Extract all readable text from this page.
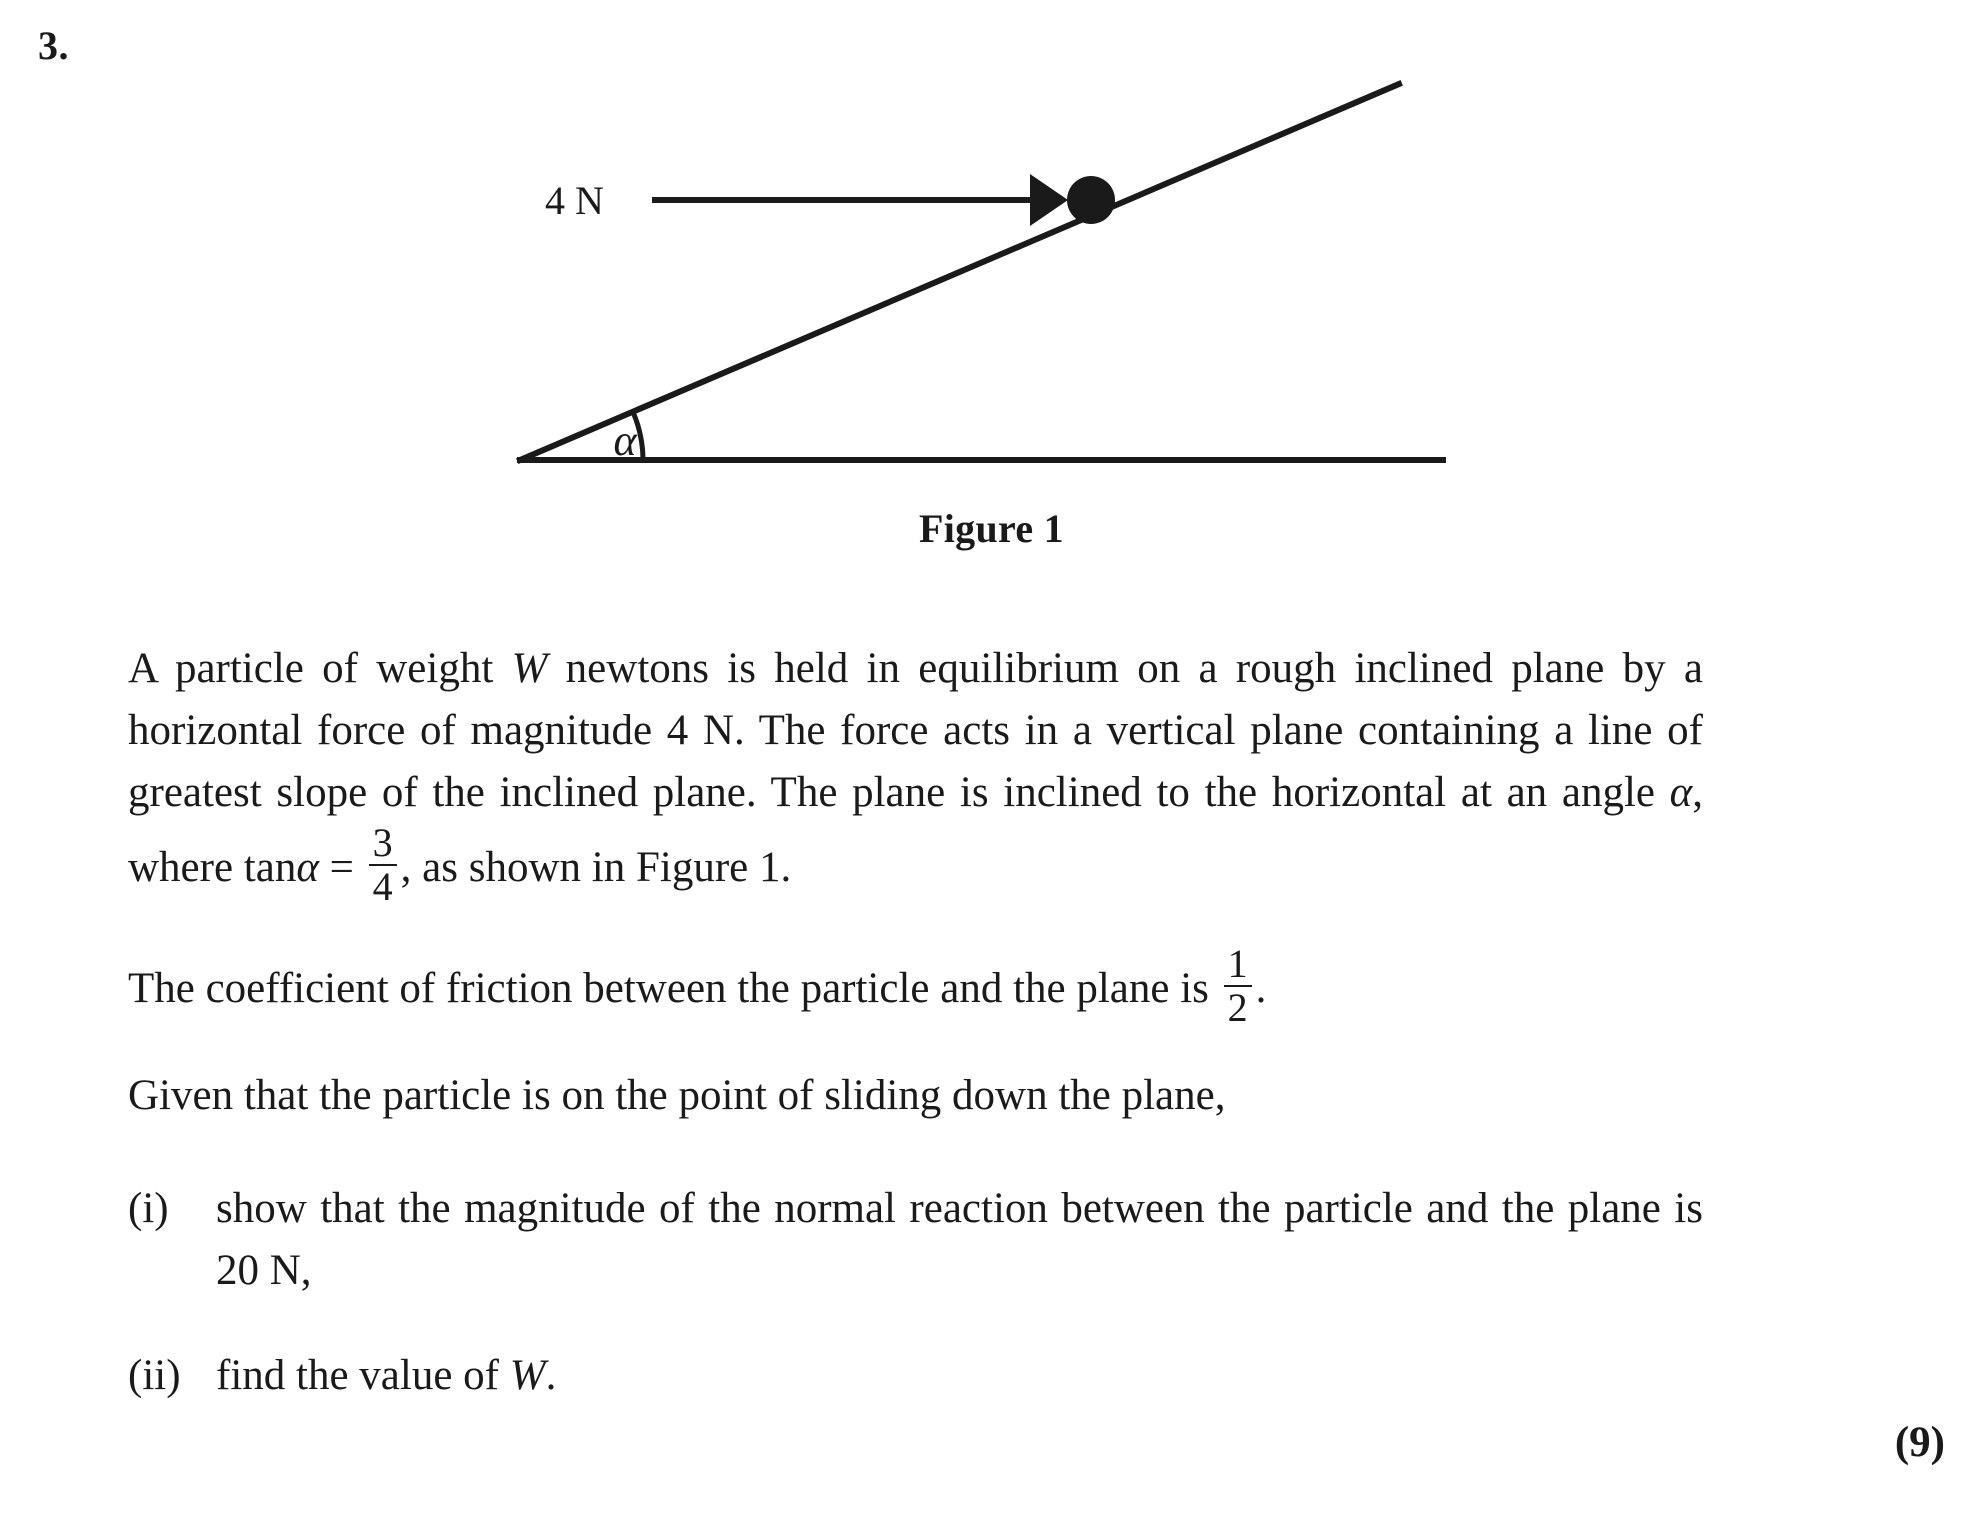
3.
α
4 N
Figure 1
A particle of weight W newtons is held in equilibrium on a rough inclined plane by a horizontal force of magnitude 4 N. The force acts in a vertical plane containing a line of greatest slope of the inclined plane. The plane is inclined to the horizontal at an angle α, where $\tan\alpha = \frac{3}{4}$ , as shown in Figure 1.
The coefficient of friction between the particle and the plane is $\frac{1}{2}$ .
Given that the particle is on the point of sliding down the plane,
(i)	show that the magnitude of the normal reaction between the particle and the plane is 20 N,
(ii) find the value of W.
(9)
